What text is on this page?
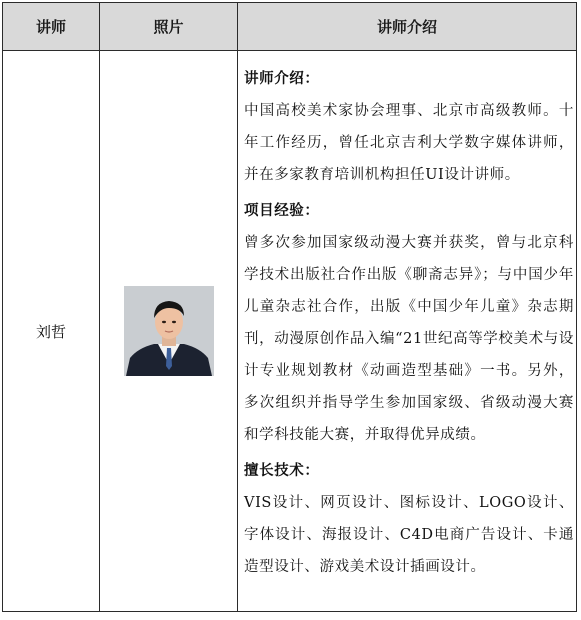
讲师	照片	讲师介绍
刘哲

讲师介绍：

中国高校美术家协会理事、北京市高级教师。十年工作经历，曾任北京吉利大学数字媒体讲师，并在多家教育培训机构担任UI设计讲师。

项目经验：

曾多次参加国家级动漫大赛并获奖，曾与北京科学技术出版社合作出版《聊斋志异》；与中国少年儿童杂志社合作，出版《中国少年儿童》杂志期刊，动漫原创作品入编“21世纪高等学校美术与设计专业规划教材《动画造型基础》一书。另外，多次组织并指导学生参加国家级、省级动漫大赛和学科技能大赛，并取得优异成绩。

擅长技术：

VIS设计、网页设计、图标设计、LOGO设计、字体设计、海报设计、C4D电商广告设计、卡通造型设计、游戏美术设计插画设计。
